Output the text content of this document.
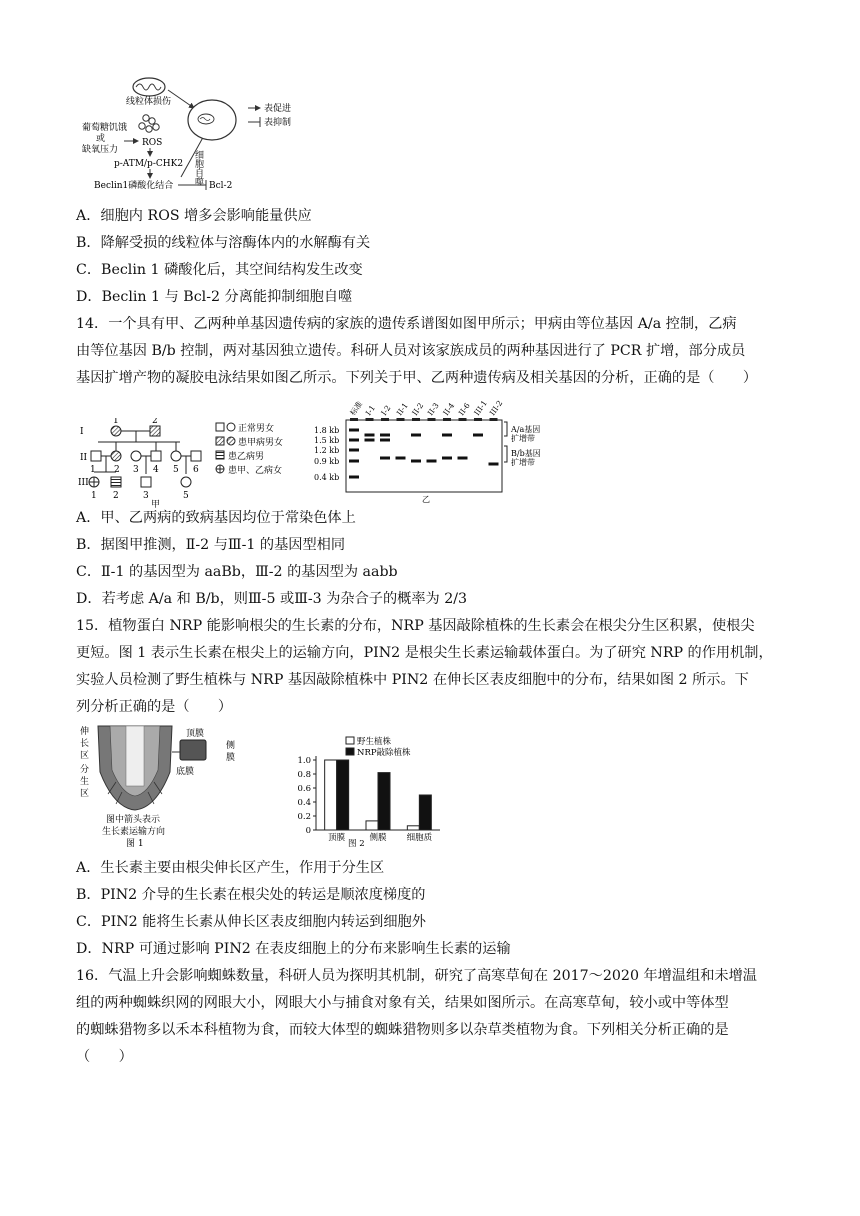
线粒体损伤
葡萄糖饥饿
或
缺氧压力
ROS
p-ATM/p-CHK2
Beclin1磷酸化结合	Bcl-2
细胞自噬
表促进
表抑制
A．细胞内 ROS 增多会影响能量供应
B．降解受损的线粒体与溶酶体内的水解酶有关
C．Beclin 1 磷酸化后，其空间结构发生改变
D．Beclin 1 与 Bcl-2 分离能抑制细胞自噬
14．一个具有甲、乙两种单基因遗传病的家族的遗传系谱图如图甲所示；甲病由等位基因 A/a 控制，乙病
由等位基因 B/b 控制，两对基因独立遗传。科研人员对该家族成员的两种基因进行了 PCR 扩增，部分成员
基因扩增产物的凝胶电泳结果如图乙所示。下列关于甲、乙两种遗传病及相关基因的分析，正确的是（　　）
I
II
III
1	2
1 2 3 4 5 6
1 2	3	5
甲
正常男女
患甲病男女
患乙病男
患甲、乙病女
标准 I-1 I-2 II-1 II-2 II-3 II-4 II-6 III-1
III-2
1.8 kb
1.5 kb
1.2 kb
0.9 kb
0.4 kb
A/a基因
扩增带
B/b基因
扩增带
乙
A．甲、乙两病的致病基因均位于常染色体上
B．据图甲推测，Ⅱ-2 与Ⅲ-1 的基因型相同
C．Ⅱ-1 的基因型为 aaBb，Ⅲ-2 的基因型为 aabb
D．若考虑 A/a 和 B/b，则Ⅲ-5 或Ⅲ-3 为杂合子的概率为 2/3
15．植物蛋白 NRP 能影响根尖的生长素的分布，NRP 基因敲除植株的生长素会在根尖分生区积累，使根尖
更短。图 1 表示生长素在根尖上的运输方向，PIN2 是根尖生长素运输载体蛋白。为了研究 NRP 的作用机制，
实验人员检测了野生植株与 NRP 基因敲除植株中 PIN2 在伸长区表皮细胞中的分布，结果如图 2 所示。下
列分析正确的是（　　）
伸
长
区
分
生
区
顶膜
侧
膜
底膜
图中箭头表示
生长素运输方向
图 1
野生植株
NRP敲除植株
0
0.2
0.4
0.6
0.8
1.0
顶膜	侧膜 细胞质
图 2
A．生长素主要由根尖伸长区产生，作用于分生区
B．PIN2 介导的生长素在根尖处的转运是顺浓度梯度的
C．PIN2 能将生长素从伸长区表皮细胞内转运到细胞外
D．NRP 可通过影响 PIN2 在表皮细胞上的分布来影响生长素的运输
16．气温上升会影响蜘蛛数量，科研人员为探明其机制，研究了高寒草甸在 2017～2020 年增温组和未增温
组的两种蜘蛛织网的网眼大小，网眼大小与捕食对象有关，结果如图所示。在高寒草甸，较小或中等体型
的蜘蛛猎物多以禾本科植物为食，而较大体型的蜘蛛猎物则多以杂草类植物为食。下列相关分析正确的是
（　　）
